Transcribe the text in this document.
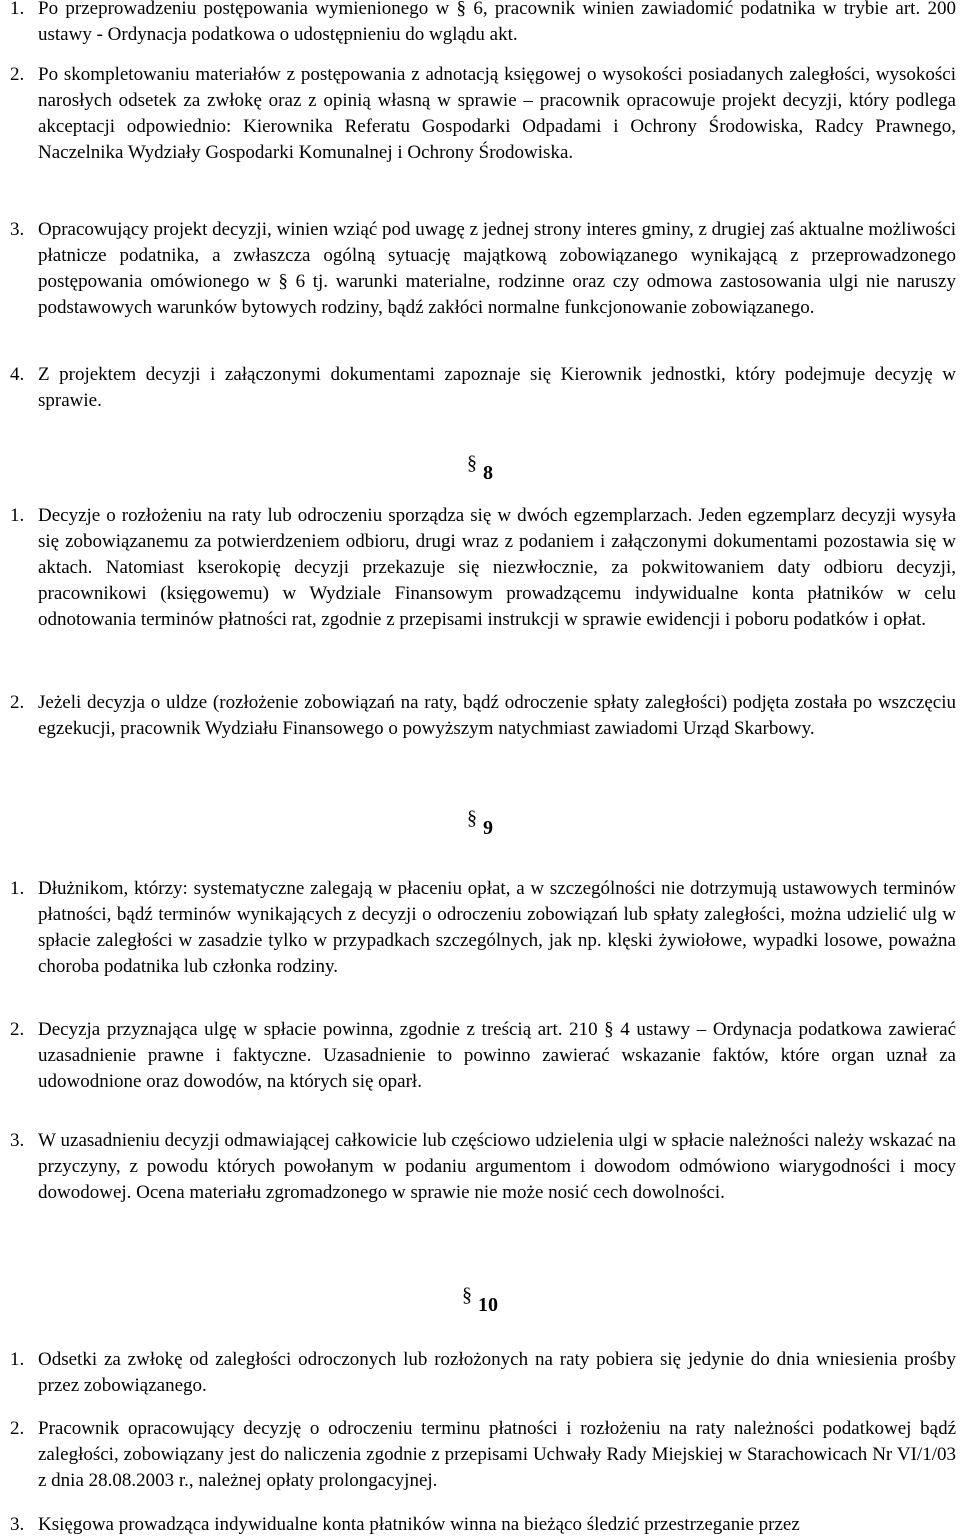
1. Po przeprowadzeniu postępowania wymienionego w § 6, pracownik winien zawiadomić podatnika w trybie art. 200 ustawy - Ordynacja podatkowa o udostępnieniu do wglądu akt.
2. Po skompletowaniu materiałów z postępowania z adnotacją księgowej o wysokości posiadanych zaległości, wysokości narosłych odsetek za zwłokę oraz z opinią własną w sprawie – pracownik opracowuje projekt decyzji, który podlega akceptacji odpowiednio: Kierownika Referatu Gospodarki Odpadami i Ochrony Środowiska, Radcy Prawnego, Naczelnika Wydziały Gospodarki Komunalnej i Ochrony Środowiska.
3. Opracowujący projekt decyzji, winien wziąć pod uwagę z jednej strony interes gminy, z drugiej zaś aktualne możliwości płatnicze podatnika, a zwłaszcza ogólną sytuację majątkową zobowiązanego wynikającą z przeprowadzonego postępowania omówionego w § 6 tj. warunki materialne, rodzinne oraz czy odmowa zastosowania ulgi nie naruszy podstawowych warunków bytowych rodziny, bądź zakłóci normalne funkcjonowanie zobowiązanego.
4. Z projektem decyzji i załączonymi dokumentami zapoznaje się Kierownik jednostki, który podejmuje decyzję w sprawie.
§ 8
1. Decyzje o rozłożeniu na raty lub odroczeniu sporządza się w dwóch egzemplarzach. Jeden egzemplarz decyzji wysyła się zobowiązanemu za potwierdzeniem odbioru, drugi wraz z podaniem i załączonymi dokumentami pozostawia się w aktach. Natomiast kserokopię decyzji przekazuje się niezwłocznie, za pokwitowaniem daty odbioru decyzji, pracownikowi (księgowemu) w Wydziale Finansowym prowadzącemu indywidualne konta płatników w celu odnotowania terminów płatności rat, zgodnie z przepisami instrukcji w sprawie ewidencji i poboru podatków i opłat.
2. Jeżeli decyzja o uldze (rozłożenie zobowiązań na raty, bądź odroczenie spłaty zaległości) podjęta została po wszczęciu egzekucji, pracownik Wydziału Finansowego o powyższym natychmiast zawiadomi Urząd Skarbowy.
§ 9
1. Dłużnikom, którzy: systematyczne zalegają w płaceniu opłat, a w szczególności nie dotrzymują ustawowych terminów płatności, bądź terminów wynikających z decyzji o odroczeniu zobowiązań lub spłaty zaległości, można udzielić ulg w spłacie zaległości w zasadzie tylko w przypadkach szczególnych, jak np. klęski żywiołowe, wypadki losowe, poważna choroba podatnika lub członka rodziny.
2. Decyzja przyznająca ulgę w spłacie powinna, zgodnie z treścią art. 210 § 4 ustawy – Ordynacja podatkowa zawierać uzasadnienie prawne i faktyczne. Uzasadnienie to powinno zawierać wskazanie faktów, które organ uznał za udowodnione oraz dowodów, na których się oparł.
3. W uzasadnieniu decyzji odmawiającej całkowicie lub częściowo udzielenia ulgi w spłacie należności należy wskazać na przyczyny, z powodu których powołanym w podaniu argumentom i dowodom odmówiono wiarygodności i mocy dowodowej. Ocena materiału zgromadzonego w sprawie nie może nosić cech dowolności.
§ 10
1. Odsetki za zwłokę od zaległości odroczonych lub rozłożonych na raty pobiera się jedynie do dnia wniesienia prośby przez zobowiązanego.
2. Pracownik opracowujący decyzję o odroczeniu terminu płatności i rozłożeniu na raty należności podatkowej bądź zaległości, zobowiązany jest do naliczenia zgodnie z przepisami Uchwały Rady Miejskiej w Starachowicach Nr VI/1/03 z dnia 28.08.2003 r., należnej opłaty prolongacyjnej.
3. Księgowa prowadząca indywidualne konta płatników winna na bieżąco śledzić przestrzeganie przez
